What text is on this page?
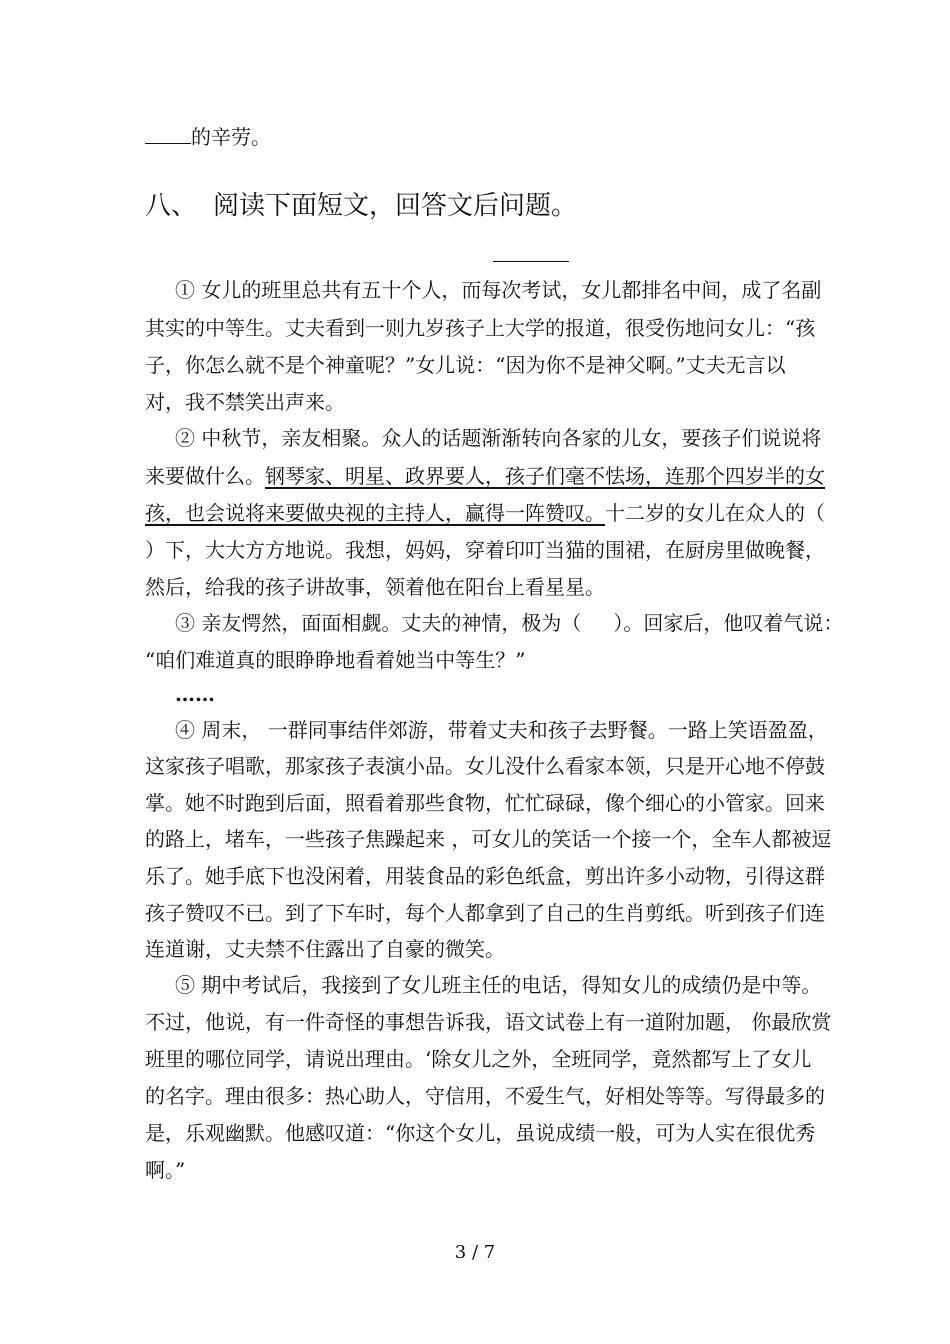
的辛劳。
八、 阅读下面短文，回答文后问题。
① 女儿的班里总共有五十个人，而每次考试，女儿都排名中间，成了名副
其实的中等生。丈夫看到一则九岁孩子上大学的报道，很受伤地问女儿：“孩
子，你怎么就不是个神童呢？”女儿说：“因为你不是神父啊。”丈夫无言以
对，我不禁笑出声来。
② 中秋节，亲友相聚。众人的话题渐渐转向各家的儿女，要孩子们说说将
来要做什么。钢琴家、明星、政界要人，孩子们毫不怯场，连那个四岁半的女
孩，也会说将来要做央视的主持人，赢得一阵赞叹。十二岁的女儿在众人的（
）下，大大方方地说。我想，妈妈，穿着印叮当猫的围裙，在厨房里做晚餐，
然后，给我的孩子讲故事，领着他在阳台上看星星。
③ 亲友愕然，面面相觑。丈夫的神情，极为（ ）。回家后，他叹着气说：
“咱们难道真的眼睁睁地看着她当中等生？”
……
④ 周末， 一群同事结伴郊游，带着丈夫和孩子去野餐。一路上笑语盈盈，
这家孩子唱歌，那家孩子表演小品。女儿没什么看家本领，只是开心地不停鼓
掌。她不时跑到后面，照看着那些食物，忙忙碌碌，像个细心的小管家。回来
的路上，堵车，一些孩子焦躁起来 ，可女儿的笑话一个接一个，全车人都被逗
乐了。她手底下也没闲着，用装食品的彩色纸盒，剪出许多小动物，引得这群
孩子赞叹不已。到了下车时，每个人都拿到了自己的生肖剪纸。听到孩子们连
连道谢，丈夫禁不住露出了自豪的微笑。
⑤ 期中考试后，我接到了女儿班主任的电话，得知女儿的成绩仍是中等。
不过，他说，有一件奇怪的事想告诉我，语文试卷上有一道附加题， 你最欣赏
班里的哪位同学，请说出理由。‘除女儿之外，全班同学，竟然都写上了女儿
的名字。理由很多：热心助人，守信用，不爱生气，好相处等等。写得最多的
是，乐观幽默。他感叹道：“你这个女儿，虽说成绩一般，可为人实在很优秀
啊。”
3 / 7
